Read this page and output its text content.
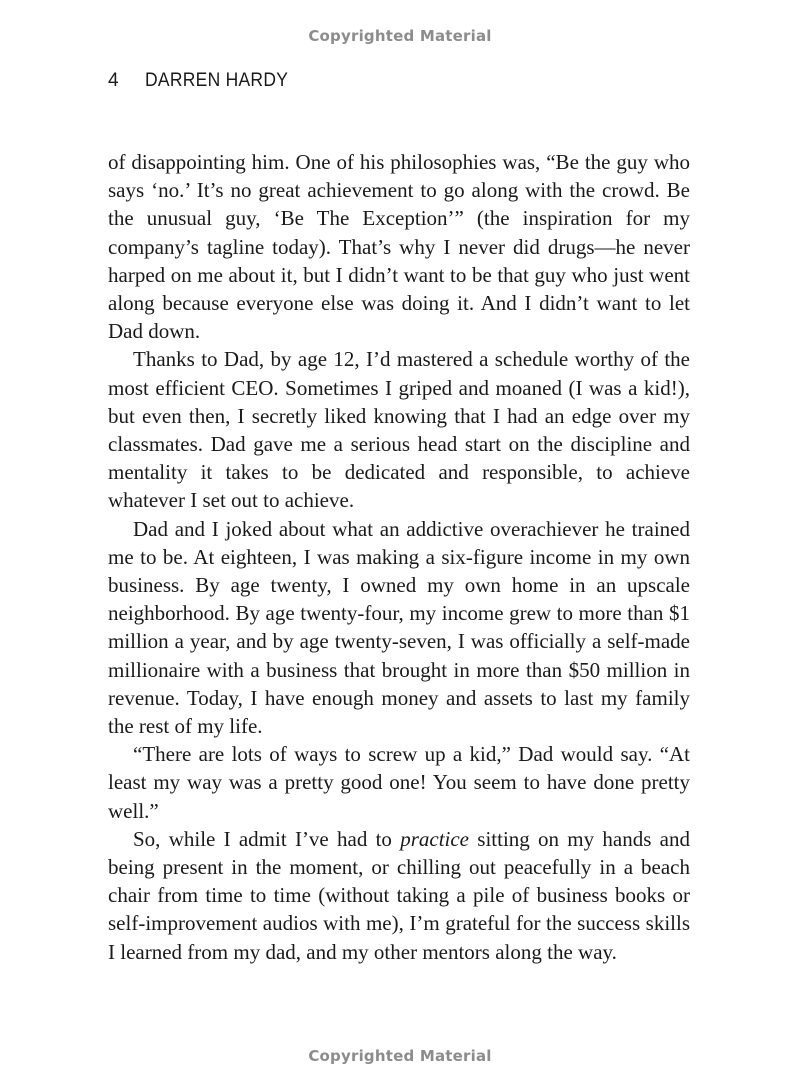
Copyrighted Material
4 DARREN HARDY

of disappointing him. One of his philosophies was, “Be the guy who says ‘no.’ It’s no great achievement to go along with the crowd. Be the unusual guy, ‘Be The Exception’” (the inspiration for my company’s tagline today). That’s why I never did drugs—he never harped on me about it, but I didn’t want to be that guy who just went along because everyone else was doing it. And I didn’t want to let Dad down.

Thanks to Dad, by age 12, I’d mastered a schedule worthy of the most efficient CEO. Sometimes I griped and moaned (I was a kid!), but even then, I secretly liked knowing that I had an edge over my classmates. Dad gave me a serious head start on the discipline and mentality it takes to be dedicated and responsible, to achieve whatever I set out to achieve.

Dad and I joked about what an addictive overachiever he trained me to be. At eighteen, I was making a six-figure income in my own business. By age twenty, I owned my own home in an upscale neighborhood. By age twenty-four, my income grew to more than $1 million a year, and by age twenty-seven, I was officially a self-made millionaire with a business that brought in more than $50 million in revenue. Today, I have enough money and assets to last my family the rest of my life.

“There are lots of ways to screw up a kid,” Dad would say. “At least my way was a pretty good one! You seem to have done pretty well.”

So, while I admit I’ve had to practice sitting on my hands and being present in the moment, or chilling out peacefully in a beach chair from time to time (without taking a pile of business books or self-improvement audios with me), I’m grateful for the success skills I learned from my dad, and my other mentors along the way.

Copyrighted Material
